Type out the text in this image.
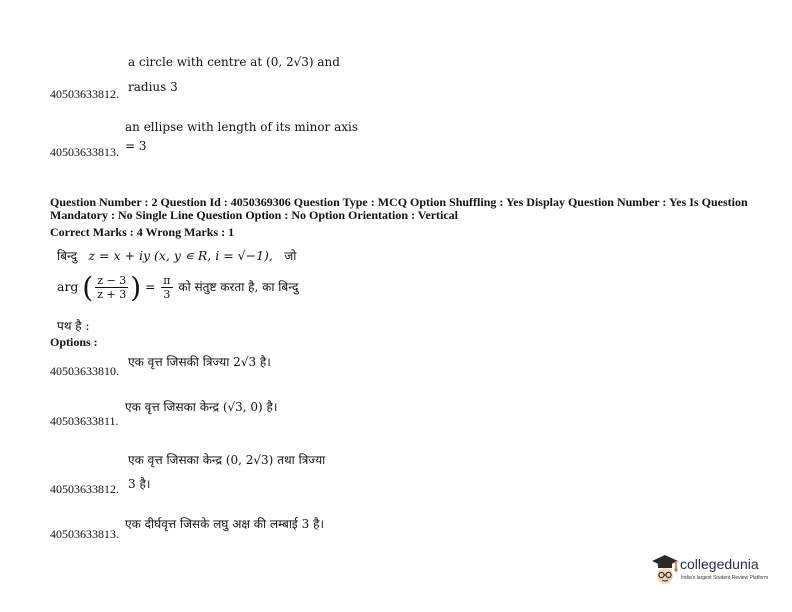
a circle with centre at (0, 2√3) and
radius 3
40503633812.
an ellipse with length of its minor axis
= 3
40503633813.
Question Number : 2 Question Id : 4050369306 Question Type : MCQ Option Shuffling : Yes Display Question Number : Yes Is Question
Mandatory : No Single Line Question Option : No Option Orientation : Vertical
Correct Marks : 4 Wrong Marks : 1
बिन्दु z = x + iy (x, y ∊ R, i = √−1), जो
arg ( $\frac{z - 3}{z + 3}$ ) = $\frac{\pi}{3}$ को संतुष्ट करता है, का बिन्दु
पथ है :
Options :
एक वृत्त जिसकी त्रिज्या 2√3 है।
40503633810.
एक वृत्त जिसका केन्द्र (√3, 0) है।
40503633811.
एक वृत्त जिसका केन्द्र (0, 2√3) तथा त्रिज्या
3 है।
40503633812.
एक दीर्घवृत्त जिसके लघु अक्ष की लम्बाई 3 है।
40503633813.
collegedunia
India's largest Student Review Platform
